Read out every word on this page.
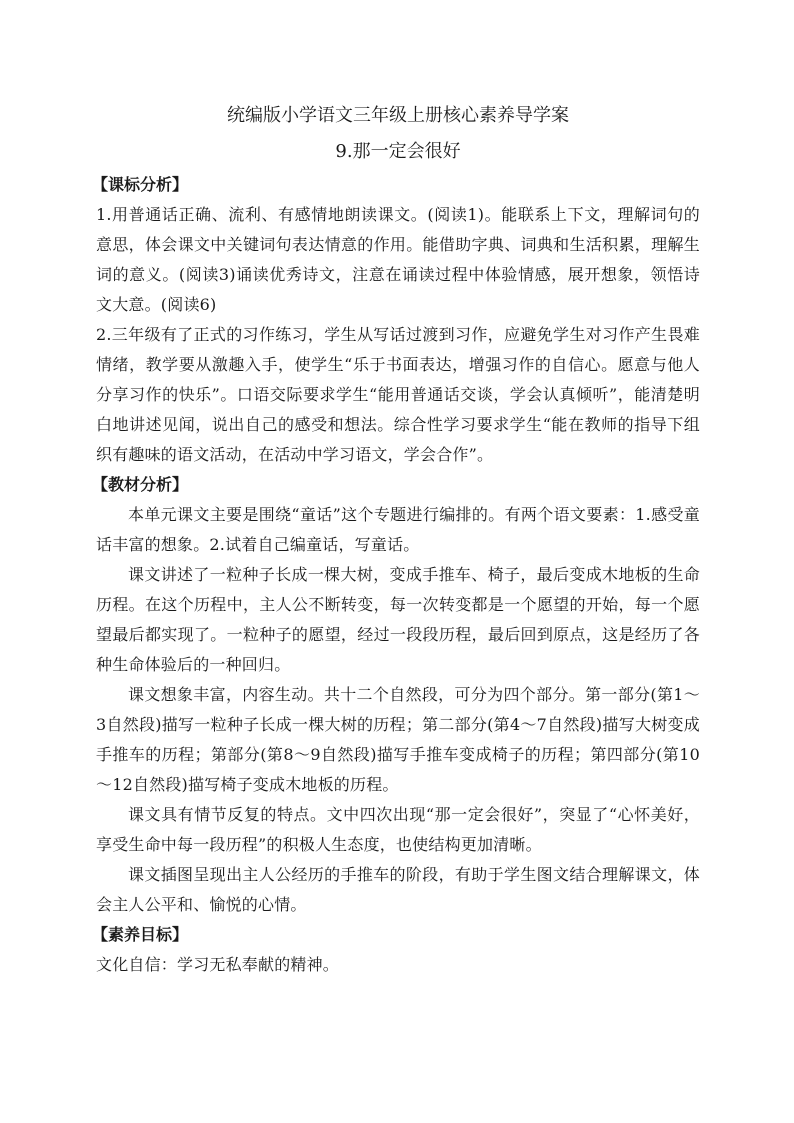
统编版小学语文三年级上册核心素养导学案
9.那一定会很好

【课标分析】

1.用普通话正确、流利、有感情地朗读课文。(阅读1)。能联系上下文，理解词句的意思，体会课文中关键词句表达情意的作用。能借助字典、词典和生活积累，理解生词的意义。(阅读3)诵读优秀诗文，注意在诵读过程中体验情感，展开想象，领悟诗文大意。(阅读6)

2.三年级有了正式的习作练习，学生从写话过渡到习作，应避免学生对习作产生畏难情绪，教学要从激趣入手，使学生“乐于书面表达，增强习作的自信心。愿意与他人分享习作的快乐”。口语交际要求学生“能用普通话交谈，学会认真倾听”，能清楚明白地讲述见闻，说出自己的感受和想法。综合性学习要求学生“能在教师的指导下组织有趣味的语文活动，在活动中学习语文，学会合作”。

【教材分析】

本单元课文主要是围绕“童话”这个专题进行编排的。有两个语文要素：1.感受童话丰富的想象。2.试着自己编童话，写童话。

课文讲述了一粒种子长成一棵大树，变成手推车、椅子，最后变成木地板的生命历程。在这个历程中，主人公不断转变，每一次转变都是一个愿望的开始，每一个愿望最后都实现了。一粒种子的愿望，经过一段段历程，最后回到原点，这是经历了各种生命体验后的一种回归。

课文想象丰富，内容生动。共十二个自然段，可分为四个部分。第一部分(第1～3自然段)描写一粒种子长成一棵大树的历程；第二部分(第4～7自然段)描写大树变成手推车的历程；第部分(第8～9自然段)描写手推车变成椅子的历程；第四部分(第10～12自然段)描写椅子变成木地板的历程。

课文具有情节反复的特点。文中四次出现“那一定会很好”，突显了“心怀美好，享受生命中每一段历程”的积极人生态度，也使结构更加清晰。

课文插图呈现出主人公经历的手推车的阶段，有助于学生图文结合理解课文，体会主人公平和、愉悦的心情。

【素养目标】

文化自信：学习无私奉献的精神。
